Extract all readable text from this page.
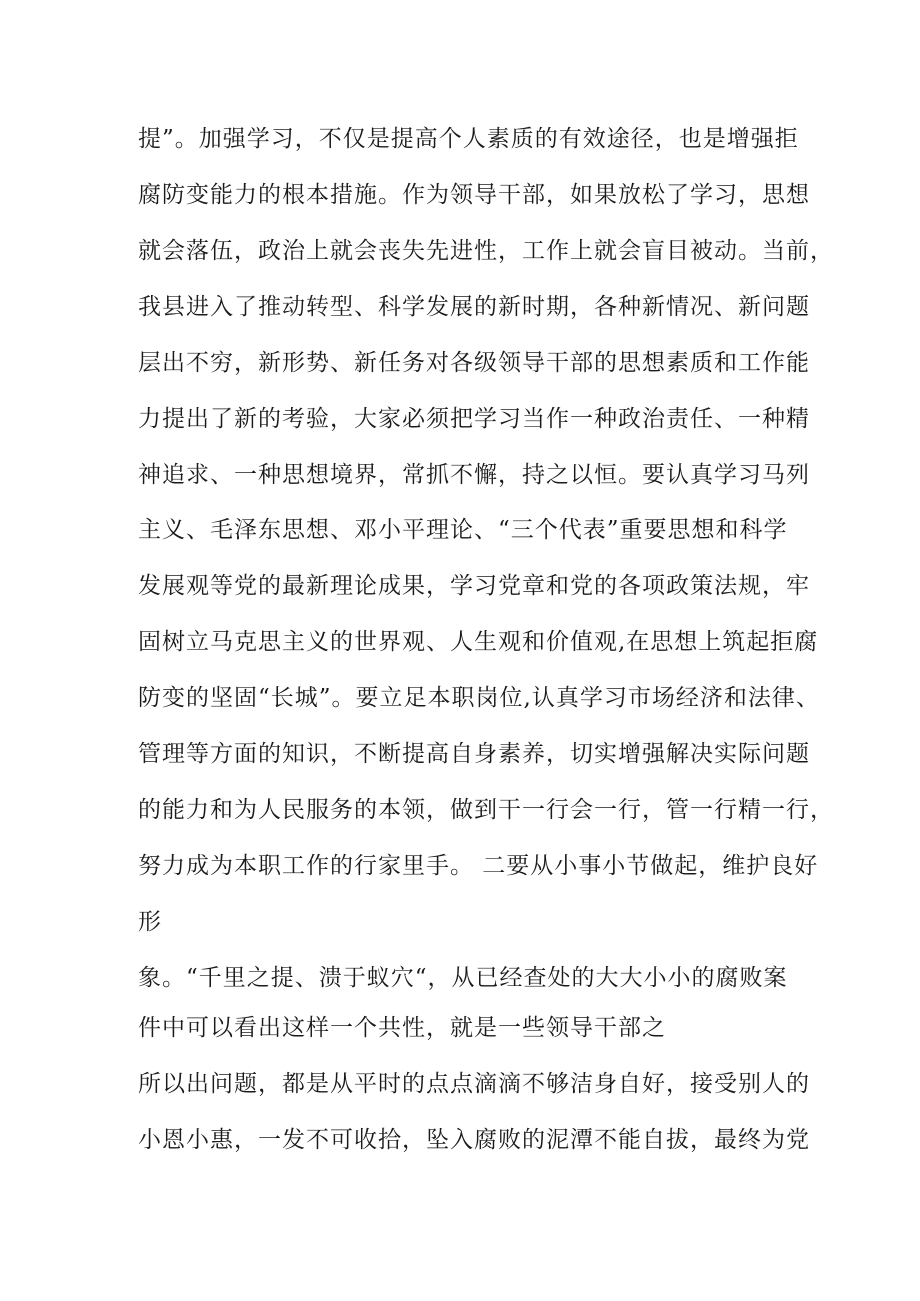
提”。加强学习，不仅是提高个人素质的有效途径，也是增强拒
腐防变能力的根本措施。作为领导干部，如果放松了学习，思想
就会落伍，政治上就会丧失先进性，工作上就会盲目被动。当前，
我县进入了推动转型、科学发展的新时期，各种新情况、新问题
层出不穷，新形势、新任务对各级领导干部的思想素质和工作能
力提出了新的考验，大家必须把学习当作一种政治责任、一种精
神追求、一种思想境界，常抓不懈，持之以恒。要认真学习马列
主义、毛泽东思想、邓小平理论、“三个代表”重要思想和科学
发展观等党的最新理论成果，学习党章和党的各项政策法规，牢
固树立马克思主义的世界观、人生观和价值观,在思想上筑起拒腐
防变的坚固“长城”。要立足本职岗位,认真学习市场经济和法律、
管理等方面的知识，不断提高自身素养，切实增强解决实际问题
的能力和为人民服务的本领，做到干一行会一行，管一行精一行，
努力成为本职工作的行家里手。 二要从小事小节做起，维护良好
形
象。“千里之提、溃于蚁穴“，从已经查处的大大小小的腐败案
件中可以看出这样一个共性，就是一些领导干部之
所以出问题，都是从平时的点点滴滴不够洁身自好，接受别人的
小恩小惠，一发不可收拾，坠入腐败的泥潭不能自拔，最终为党
